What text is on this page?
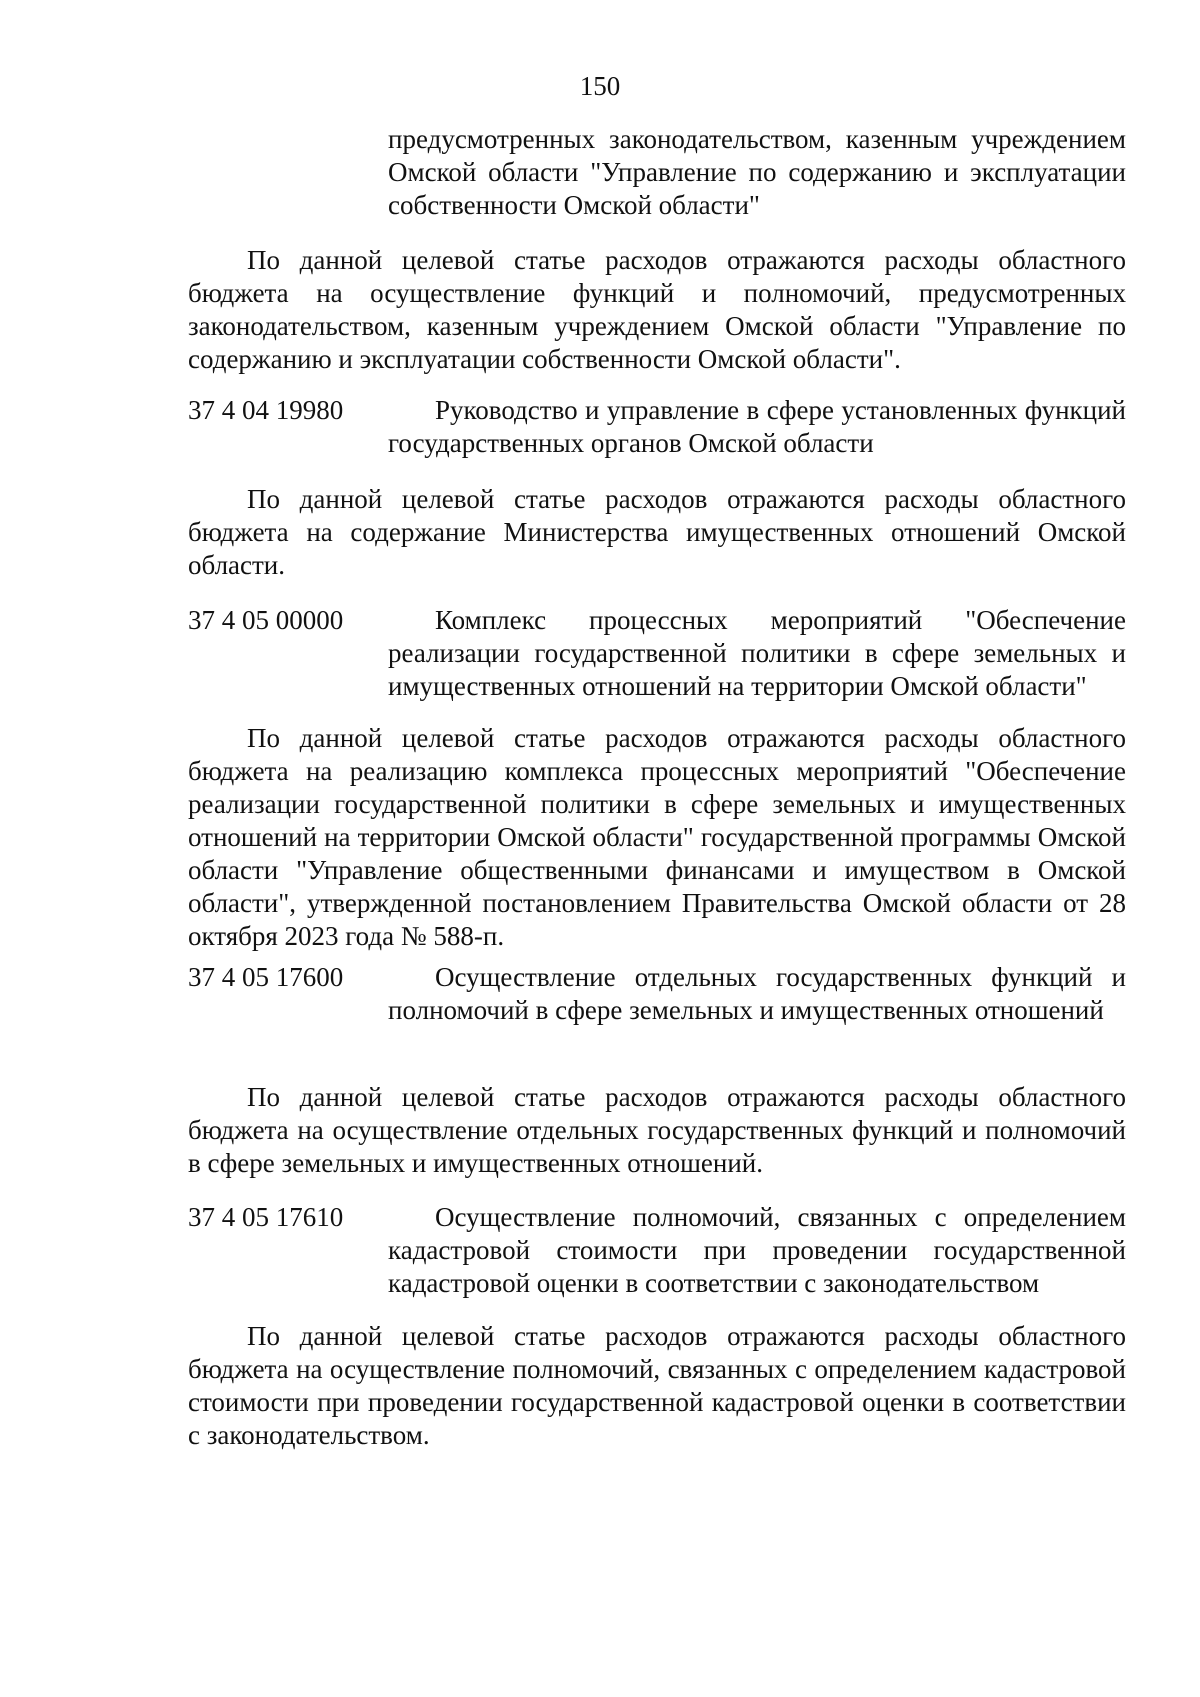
150
предусмотренных законодательством, казенным учреждением Омской области "Управление по содержанию и эксплуатации собственности Омской области"
По данной целевой статье расходов отражаются расходы областного бюджета на осуществление функций и полномочий, предусмотренных законодательством, казенным учреждением Омской области "Управление по содержанию и эксплуатации собственности Омской области".
37 4 04 19980	Руководство и управление в сфере установленных функций государственных органов Омской области
По данной целевой статье расходов отражаются расходы областного бюджета на содержание Министерства имущественных отношений Омской области.
37 4 05 00000	Комплекс процессных мероприятий "Обеспечение реализации государственной политики в сфере земельных и имущественных отношений на территории Омской области"
По данной целевой статье расходов отражаются расходы областного бюджета на реализацию комплекса процессных мероприятий "Обеспечение реализации государственной политики в сфере земельных и имущественных отношений на территории Омской области" государственной программы Омской области "Управление общественными финансами и имуществом в Омской области", утвержденной постановлением Правительства Омской области от 28 октября 2023 года № 588-п.
37 4 05 17600	Осуществление отдельных государственных функций и полномочий в сфере земельных и имущественных отношений
По данной целевой статье расходов отражаются расходы областного бюджета на осуществление отдельных государственных функций и полномочий в сфере земельных и имущественных отношений.
37 4 05 17610	Осуществление полномочий, связанных с определением кадастровой стоимости при проведении государственной кадастровой оценки в соответствии с законодательством
По данной целевой статье расходов отражаются расходы областного бюджета на осуществление полномочий, связанных с определением кадастровой стоимости при проведении государственной кадастровой оценки в соответствии с законодательством.
